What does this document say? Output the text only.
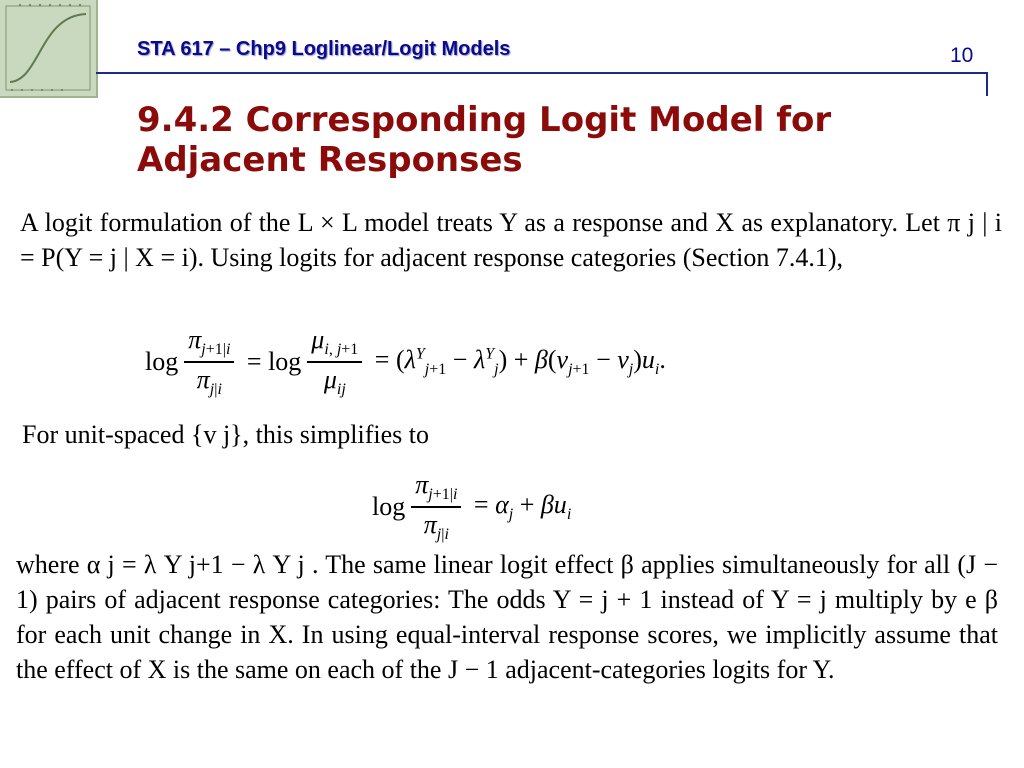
STA 617 – Chp9 Loglinear/Logit Models	10
9.4.2 Corresponding Logit Model for
Adjacent Responses
A logit formulation of the L × L model treats Y as a response and X as explanatory. Let π j | i = P(Y = j | X = i). Using logits for adjacent response categories (Section 7.4.1),
$\log \frac{\pi_{j+1|i}}{\pi_{j|i}} = \log \frac{\mu_{i, j+1}}{\mu_{ij}} = (\lambda^Y_{j+1} - \lambda^Y_j) + \beta(v_{j+1} - v_j)u_i$.
For unit-spaced {v j}, this simplifies to
$\log \frac{\pi_{j+1|i}}{\pi_{j|i}} = \alpha_j + \beta u_i$
where α j = λ Y j+1 − λ Y j . The same linear logit effect β applies simultaneously for all (J − 1) pairs of adjacent response categories: The odds Y = j + 1 instead of Y = j multiply by e β for each unit change in X. In using equal-interval response scores, we implicitly assume that the effect of X is the same on each of the J − 1 adjacent-categories logits for Y.
